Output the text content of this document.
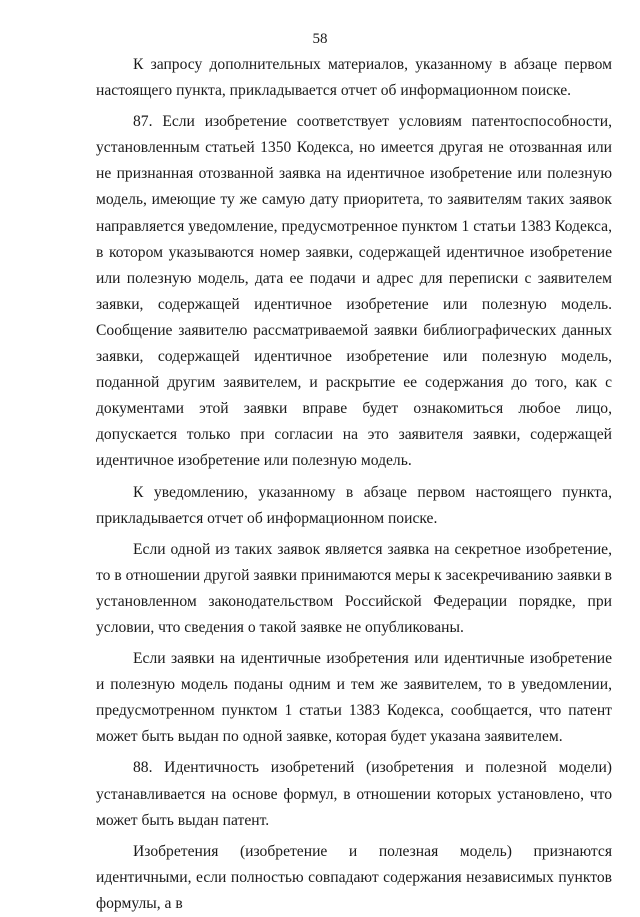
58

К запросу дополнительных материалов, указанному в абзаце первом настоящего пункта, прикладывается отчет об информационном поиске.

87. Если изобретение соответствует условиям патентоспособности, установленным статьей 1350 Кодекса, но имеется другая не отозванная или не признанная отозванной заявка на идентичное изобретение или полезную модель, имеющие ту же самую дату приоритета, то заявителям таких заявок направляется уведомление, предусмотренное пунктом 1 статьи 1383 Кодекса, в котором указываются номер заявки, содержащей идентичное изобретение или полезную модель, дата ее подачи и адрес для переписки с заявителем заявки, содержащей идентичное изобретение или полезную модель. Сообщение заявителю рассматриваемой заявки библиографических данных заявки, содержащей идентичное изобретение или полезную модель, поданной другим заявителем, и раскрытие ее содержания до того, как с документами этой заявки вправе будет ознакомиться любое лицо, допускается только при согласии на это заявителя заявки, содержащей идентичное изобретение или полезную модель.

К уведомлению, указанному в абзаце первом настоящего пункта, прикладывается отчет об информационном поиске.

Если одной из таких заявок является заявка на секретное изобретение, то в отношении другой заявки принимаются меры к засекречиванию заявки в установленном законодательством Российской Федерации порядке, при условии, что сведения о такой заявке не опубликованы.

Если заявки на идентичные изобретения или идентичные изобретение и полезную модель поданы одним и тем же заявителем, то в уведомлении, предусмотренном пунктом 1 статьи 1383 Кодекса, сообщается, что патент может быть выдан по одной заявке, которая будет указана заявителем.

88. Идентичность изобретений (изобретения и полезной модели) устанавливается на основе формул, в отношении которых установлено, что может быть выдан патент.

Изобретения (изобретение и полезная модель) признаются идентичными, если полностью совпадают содержания независимых пунктов формулы, а в
